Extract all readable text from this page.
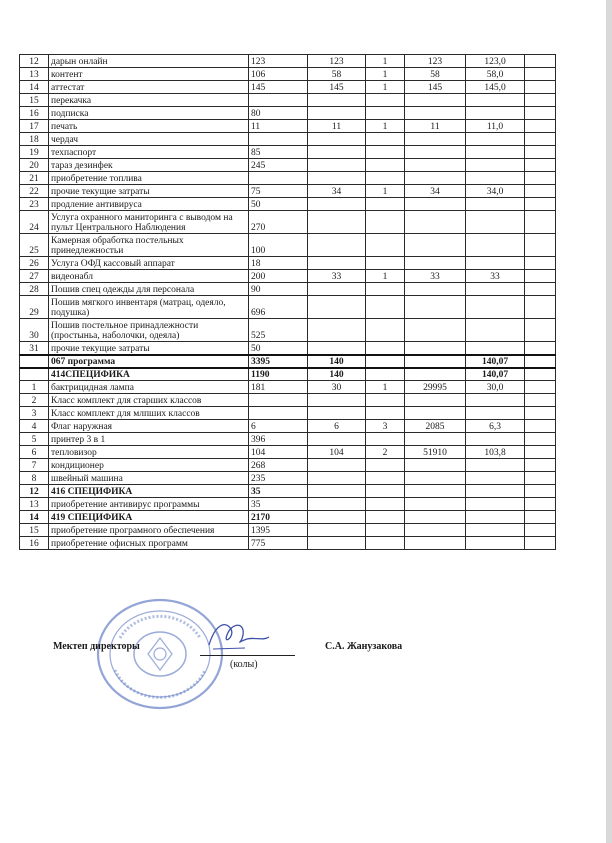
12	дарын онлайн	123	123	1	123	123,0	
13	контент	106	58	1	58	58,0	
14	аттестат	145	145	1	145	145,0	
15	перекачка						
16	подписка	80					
17	печать	11	11	1	11	11,0	
18	чердач						
19	техпаспорт	85					
20	тараз дезинфек	245					
21	приобретение топлива						
22	прочие текущие затраты	75	34	1	34	34,0	
23	продление антивируса	50					
24	Услуга охранного маниторинга с выводом на пульт Центрального Наблюдения	270					
25	Камерная обработка постельных принедлежностьи	100					
26	Услуга ОФД кассовый аппарат	18					
27	видеонабл	200	33	1	33	33	
28	Пошив спец одежды для персонала	90					
29	Пошив мягкого инвентаря (матрац, одеяло, подушка)	696					
30	Пошив постельное принадлежности (простыньа, наболочки, одеяла)	525					
31	прочие текущие затраты	50					
	067 программа	3395	140			140,07	
	414СПЕЦИФИКА	1190	140			140,07	
1	бактрицидная лампа	181	30	1	29995	30,0	
2	Класс комплект для старших классов						
3	Класс комплект для млпших классов						
4	Флаг наружная	6	6	3	2085	6,3	
5	принтер 3 в 1	396					
6	тепловизор	104	104	2	51910	103,8	
7	кондиционер	268					
8	швейный машина	235					
12	416 СПЕЦИФИКА	35					
13	приобретение антивирус программы	35					
14	419 СПЕЦИФИКА	2170					
15	приобретение програмного обеспечения	1395					
16	приобретение офисных программ	775					
Мектеп директоры
(колы)
С.А. Жанузакова
